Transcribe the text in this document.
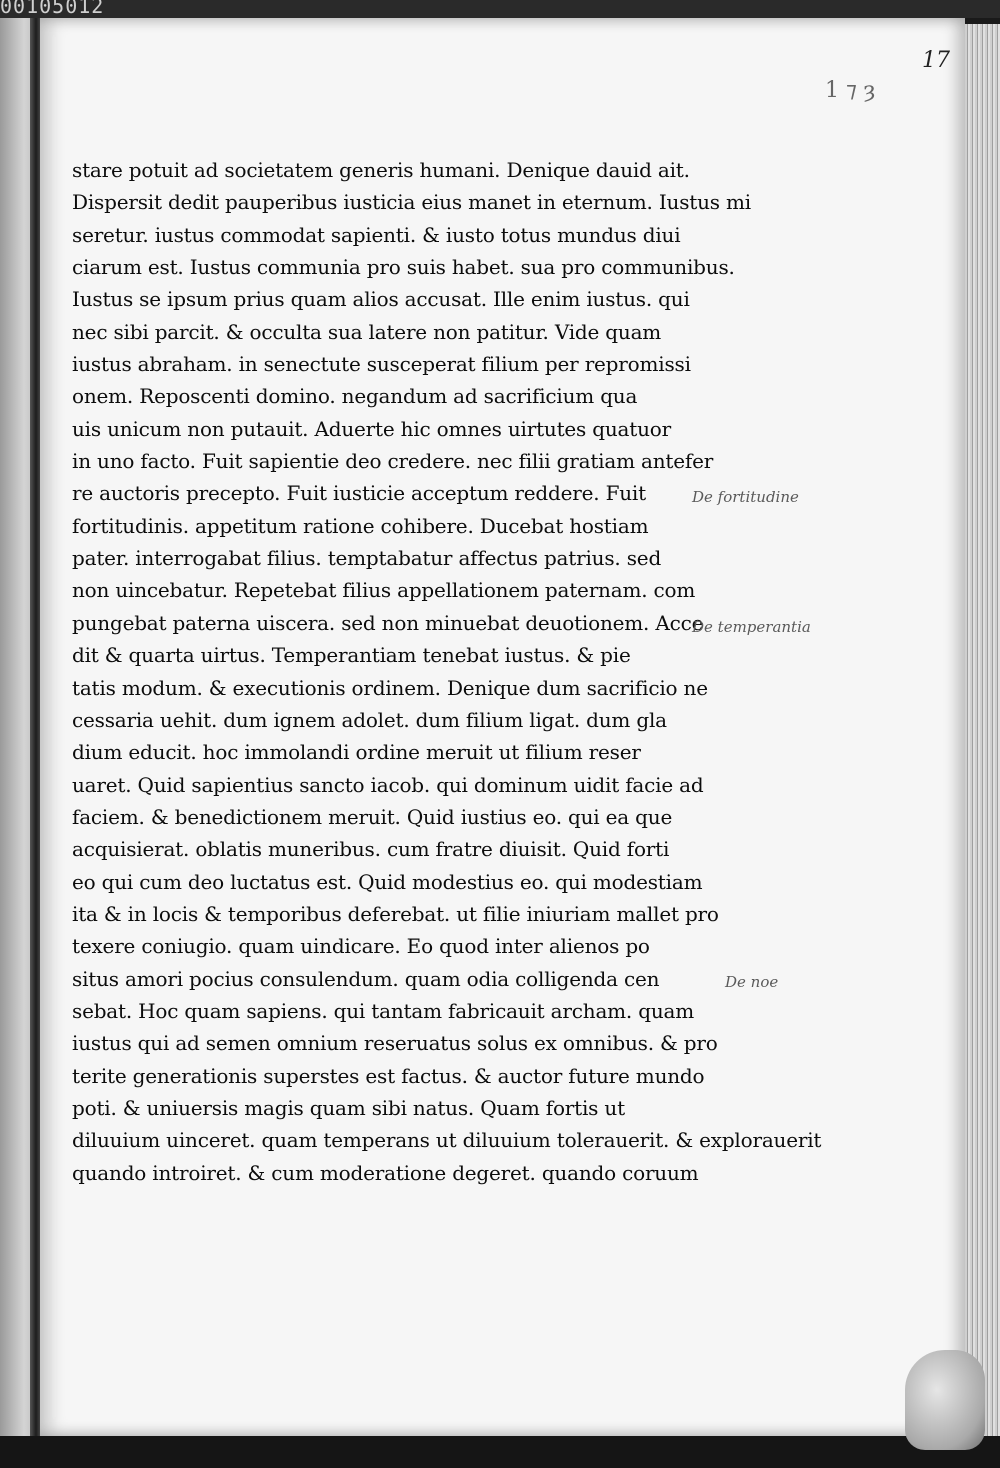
00105012
17
1 ⁊ ȝ
stare potuit ad societatem generis humani. Denique dauid ait.
Dispersit dedit pauperibus iusticia eius manet in eternum. Iustus mi
seretur. iustus commodat sapienti. & iusto totus mundus diui
ciarum est. Iustus communia pro suis habet. sua pro communibus.
Iustus se ipsum prius quam alios accusat. Ille enim iustus. qui
nec sibi parcit. & occulta sua latere non patitur. Vide quam
iustus abraham. in senectute susceperat filium per repromissi
onem. Reposcenti domino. negandum ad sacrificium qua
uis unicum non putauit. Aduerte hic omnes uirtutes quatuor
in uno facto. Fuit sapientie deo credere. nec filii gratiam antefer
re auctoris precepto. Fuit iusticie acceptum reddere. Fuit
fortitudinis. appetitum ratione cohibere. Ducebat hostiam
pater. interrogabat filius. temptabatur affectus patrius. sed
non uincebatur. Repetebat filius appellationem paternam. com
pungebat paterna uiscera. sed non minuebat deuotionem. Acce
dit & quarta uirtus. Temperantiam tenebat iustus. & pie
tatis modum. & executionis ordinem. Denique dum sacrificio ne
cessaria uehit. dum ignem adolet. dum filium ligat. dum gla
dium educit. hoc immolandi ordine meruit ut filium reser
uaret. Quid sapientius sancto iacob. qui dominum uidit facie ad
faciem. & benedictionem meruit. Quid iustius eo. qui ea que
acquisierat. oblatis muneribus. cum fratre diuisit. Quid forti
eo qui cum deo luctatus est. Quid modestius eo. qui modestiam
ita & in locis & temporibus deferebat. ut filie iniuriam mallet pro
texere coniugio. quam uindicare. Eo quod inter alienos po
situs amori pocius consulendum. quam odia colligenda cen
sebat. Hoc quam sapiens. qui tantam fabricauit archam. quam
iustus qui ad semen omnium reseruatus solus ex omnibus. & pro
terite generationis superstes est factus. & auctor future mundo
poti. & uniuersis magis quam sibi natus. Quam fortis ut
diluuium uinceret. quam temperans ut diluuium tolerauerit. & explorauerit
quando introiret. & cum moderatione degeret. quando coruum
De fortitudine
De temperantia
De noe
